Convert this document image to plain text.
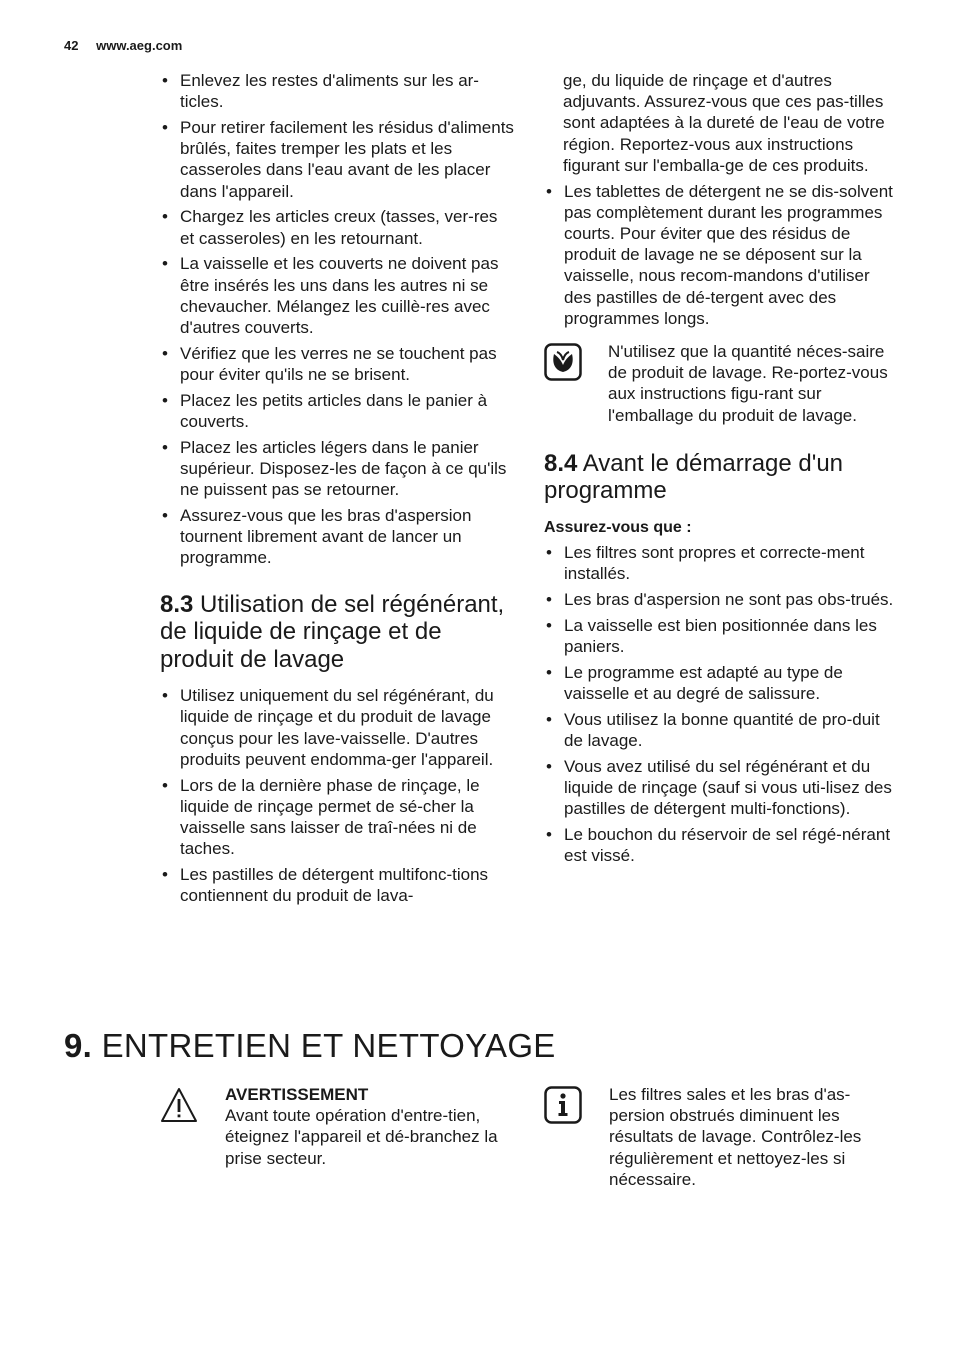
42 www.aeg.com
• Enlevez les restes d'aliments sur les ar-ticles.
• Pour retirer facilement les résidus d'aliments brûlés, faites tremper les plats et les casseroles dans l'eau avant de les placer dans l'appareil.
• Chargez les articles creux (tasses, ver-res et casseroles) en les retournant.
• La vaisselle et les couverts ne doivent pas être insérés les uns dans les autres ni se chevaucher. Mélangez les cuillè-res avec d'autres couverts.
• Vérifiez que les verres ne se touchent pas pour éviter qu'ils ne se brisent.
• Placez les petits articles dans le panier à couverts.
• Placez les articles légers dans le panier supérieur. Disposez-les de façon à ce qu'ils ne puissent pas se retourner.
• Assurez-vous que les bras d'aspersion tournent librement avant de lancer un programme.
8.3 Utilisation de sel régénérant, de liquide de rinçage et de produit de lavage
• Utilisez uniquement du sel régénérant, du liquide de rinçage et du produit de lavage conçus pour les lave-vaisselle. D'autres produits peuvent endomma-ger l'appareil.
• Lors de la dernière phase de rinçage, le liquide de rinçage permet de sé-cher la vaisselle sans laisser de traî-nées ni de taches.
• Les pastilles de détergent multifonc-tions contiennent du produit de lava-

ge, du liquide de rinçage et d'autres adjuvants. Assurez-vous que ces pas-tilles sont adaptées à la dureté de l'eau de votre région. Reportez-vous aux instructions figurant sur l'emballa-ge de ces produits.

• Les tablettes de détergent ne se dis-solvent pas complètement durant les programmes courts. Pour éviter que des résidus de produit de lavage ne se déposent sur la vaisselle, nous recom-mandons d'utiliser des pastilles de dé-tergent avec des programmes longs.
N'utilisez que la quantité néces-saire de produit de lavage. Re-portez-vous aux instructions figu-rant sur l'emballage du produit de lavage.
8.4 Avant le démarrage d'un programme

Assurez-vous que :

• Les filtres sont propres et correcte-ment installés.
• Les bras d'aspersion ne sont pas obs-trués.
• La vaisselle est bien positionnée dans les paniers.
• Le programme est adapté au type de vaisselle et au degré de salissure.
• Vous utilisez la bonne quantité de pro-duit de lavage.
• Vous avez utilisé du sel régénérant et du liquide de rinçage (sauf si vous uti-lisez des pastilles de détergent multi-fonctions).
• Le bouchon du réservoir de sel régé-nérant est vissé.
9. ENTRETIEN ET NETTOYAGE
AVERTISSEMENT
Avant toute opération d'entre-tien, éteignez l'appareil et dé-branchez la prise secteur.
Les filtres sales et les bras d'as-persion obstrués diminuent les résultats de lavage. Contrôlez-les régulièrement et nettoyez-les si nécessaire.
